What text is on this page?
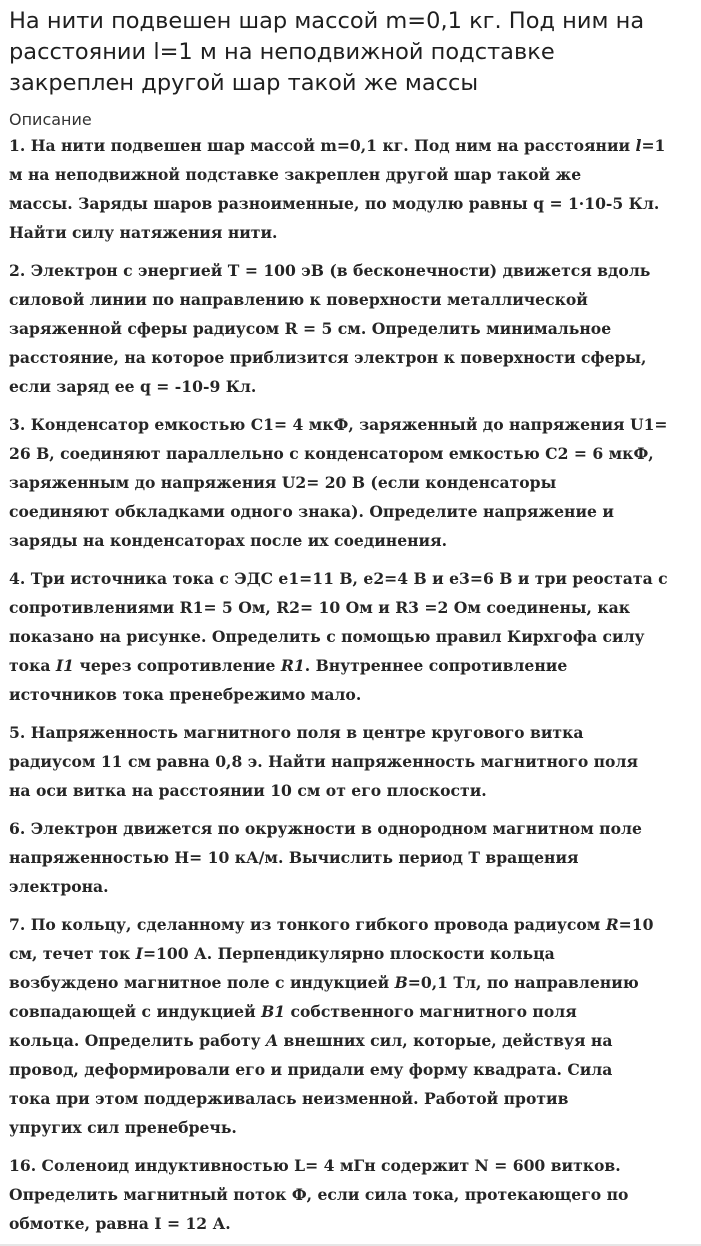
На нити подвешен шар массой m=0,1 кг. Под ним на
расстоянии l=1 м на неподвижной подставке
закреплен другой шар такой же массы
Описание

1. На нити подвешен шар массой m=0,1 кг. Под ним на расстоянии l=1
м на неподвижной подставке закреплен другой шар такой же
массы. Заряды шаров разноименные, по модулю равны q = 1·10-5 Кл.
Найти силу натяжения нити.

2. Электрон с энергией T = 100 эВ (в бесконечности) движется вдоль
силовой линии по направлению к поверхности металлической
заряженной сферы радиусом R = 5 см. Определить минимальное
расстояние, на которое приблизится электрон к поверхности сферы,
если заряд ее q = -10-9 Кл.

3. Конденсатор емкостью C1= 4 мкФ, заряженный до напряжения U1=
26 В, соединяют параллельно с конденсатором емкостью C2 = 6 мкФ,
заряженным до напряжения U2= 20 В (если конденсаторы
соединяют обкладками одного знака). Определите напряжение и
заряды на конденсаторах после их соединения.

4. Три источника тока с ЭДС e1=11 В, e2=4 В и e3=6 В и три реостата с
сопротивлениями R1= 5 Ом, R2= 10 Ом и R3 =2 Ом соединены, как
показано на рисунке. Определить с помощью правил Кирхгофа силу
тока I1 через сопротивление R1. Внутреннее сопротивление
источников тока пренебрежимо мало.

5. Напряженность магнитного поля в центре кругового витка
радиусом 11 см равна 0,8 э. Найти напряженность магнитного поля
на оси витка на расстоянии 10 см от его плоскости.

6. Электрон движется по окружности в однородном магнитном поле
напряженностью H= 10 кА/м. Вычислить период T вращения
электрона.

7. По кольцу, сделанному из тонкого гибкого провода радиусом R=10
см, течет ток I=100 А. Перпендикулярно плоскости кольца
возбуждено магнитное поле с индукцией B=0,1 Тл, по направлению
совпадающей с индукцией B1 собственного магнитного поля
кольца. Определить работу A внешних сил, которые, действуя на
провод, деформировали его и придали ему форму квадрата. Сила
тока при этом поддерживалась неизменной. Работой против
упругих сил пренебречь.

16. Соленоид индуктивностью L= 4 мГн содержит N = 600 витков.
Определить магнитный поток Ф, если сила тока, протекающего по
обмотке, равна I = 12 А.
